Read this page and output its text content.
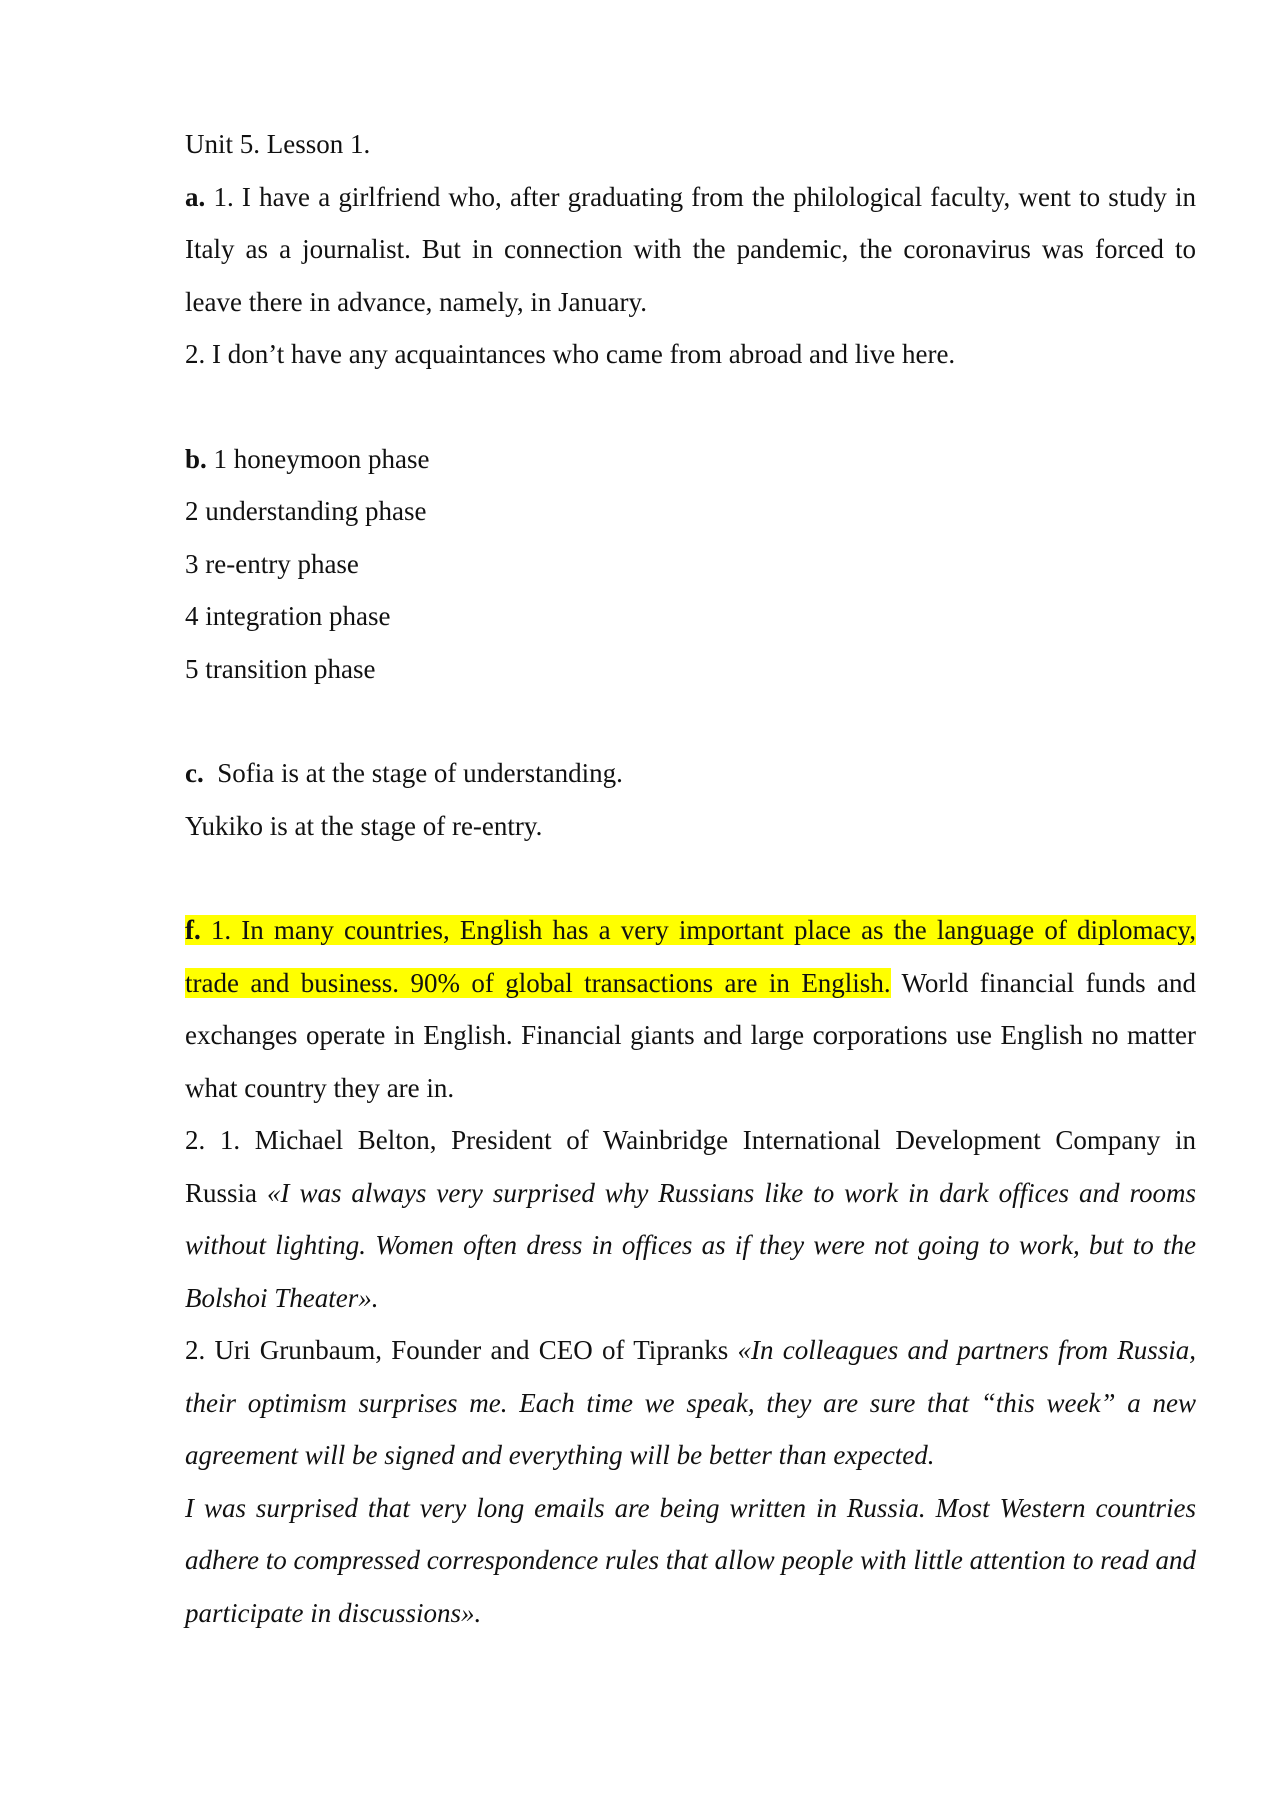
Unit 5. Lesson 1.

a. 1. I have a girlfriend who, after graduating from the philological faculty, went to study in Italy as a journalist. But in connection with the pandemic, the coronavirus was forced to leave there in advance, namely, in January.

2. I don’t have any acquaintances who came from abroad and live here.

b. 1 honeymoon phase

2 understanding phase

3 re-entry phase

4 integration phase

5 transition phase

c. Sofia is at the stage of understanding.

Yukiko is at the stage of re-entry.

f. 1. In many countries, English has a very important place as the language of diplomacy, trade and business. 90% of global transactions are in English. World financial funds and exchanges operate in English. Financial giants and large corporations use English no matter what country they are in.

2. 1. Michael Belton, President of Wainbridge International Development Company in Russia «I was always very surprised why Russians like to work in dark offices and rooms without lighting. Women often dress in offices as if they were not going to work, but to the Bolshoi Theater».

2. Uri Grunbaum, Founder and CEO of Tipranks «In colleagues and partners from Russia, their optimism surprises me. Each time we speak, they are sure that “this week” a new agreement will be signed and everything will be better than expected.

I was surprised that very long emails are being written in Russia. Most Western countries adhere to compressed correspondence rules that allow people with little attention to read and participate in discussions».
